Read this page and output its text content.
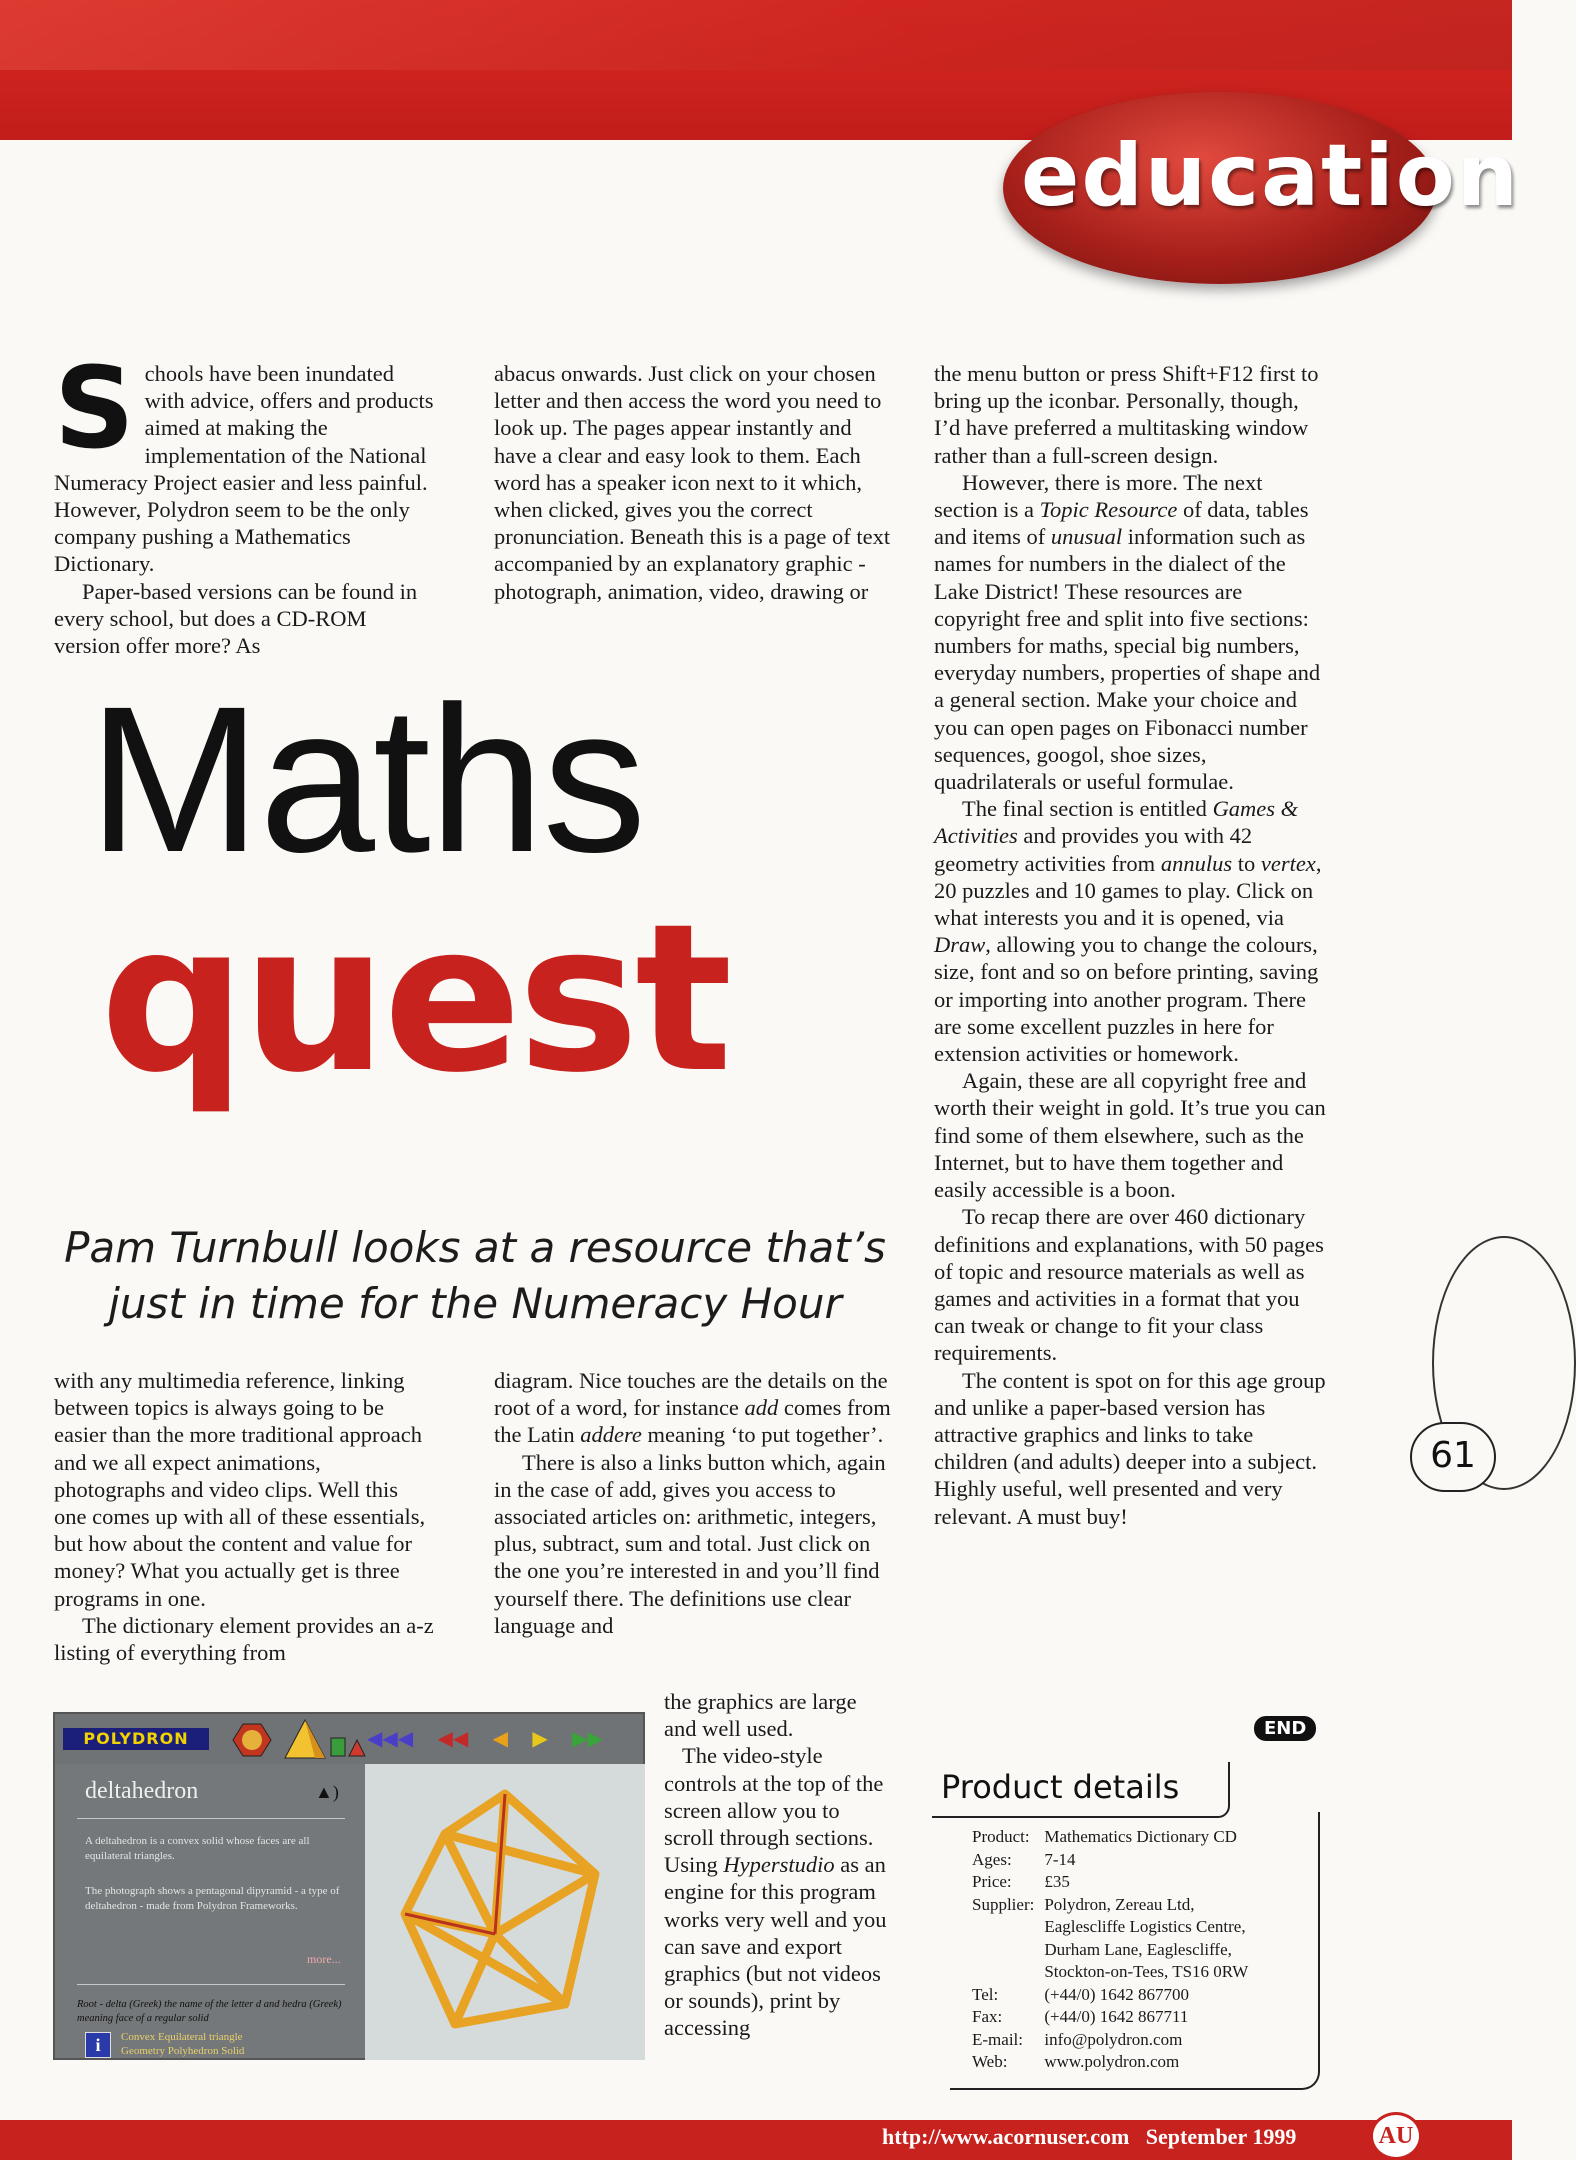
education

Schools have been inundated with advice, offers and products aimed at making the implementation of the National Numeracy Project easier and less painful. However, Polydron seem to be the only company pushing a Mathematics Dictionary.

Paper-based versions can be found in every school, but does a CD-ROM version offer more? As

abacus onwards. Just click on your chosen letter and then access the word you need to look up. The pages appear instantly and have a clear and easy look to them. Each word has a speaker icon next to it which, when clicked, gives you the correct pronunciation. Beneath this is a page of text accompanied by an explanatory graphic - photograph, animation, video, drawing or

Maths
quest
Pam Turnbull looks at a resource that’s just in time for the Numeracy Hour

with any multimedia reference, linking between topics is always going to be easier than the more traditional approach and we all expect animations, photographs and video clips. Well this one comes up with all of these essentials, but how about the content and value for money? What you actually get is three programs in one.

The dictionary element provides an a-z listing of everything from

diagram. Nice touches are the details on the root of a word, for instance add comes from the Latin addere meaning ‘to put together’.

There is also a links button which, again in the case of add, gives you access to associated articles on: arithmetic, integers, plus, subtract, sum and total. Just click on the one you’re interested in and you’ll find yourself there. The definitions use clear language and

the graphics are large and well used.

The video-style controls at the top of the screen allow you to scroll through sections. Using Hyperstudio as an engine for this program works very well and you can save and export graphics (but not videos or sounds), print by accessing

the menu button or press Shift+F12 first to bring up the iconbar. Personally, though, I’d have preferred a multitasking window rather than a full-screen design.

However, there is more. The next section is a Topic Resource of data, tables and items of unusual information such as names for numbers in the dialect of the Lake District! These resources are copyright free and split into five sections: numbers for maths, special big numbers, everyday numbers, properties of shape and a general section. Make your choice and you can open pages on Fibonacci number sequences, googol, shoe sizes, quadrilaterals or useful formulae.

The final section is entitled Games & Activities and provides you with 42 geometry activities from annulus to vertex, 20 puzzles and 10 games to play. Click on what interests you and it is opened, via Draw, allowing you to change the colours, size, font and so on before printing, saving or importing into another program. There are some excellent puzzles in here for extension activities or homework.

Again, these are all copyright free and worth their weight in gold. It’s true you can find some of them elsewhere, such as the Internet, but to have them together and easily accessible is a boon.

To recap there are over 460 dictionary definitions and explanations, with 50 pages of topic and resource materials as well as games and activities in a format that you can tweak or change to fit your class requirements.

The content is spot on for this age group and unlike a paper-based version has attractive graphics and links to take children (and adults) deeper into a subject. Highly useful, well presented and very relevant. A must buy!

END
Product details
Product:	Mathematics Dictionary CD
Ages:	7-14
Price:	£35
Supplier:	Polydron, Zereau Ltd,
	Eaglescliffe Logistics Centre,
	Durham Lane, Eaglescliffe,
	Stockton-on-Tees, TS16 0RW
Tel:	(+44/0) 1642 867700
Fax:	(+44/0) 1642 867711
E-mail:	info@polydron.com
Web:	www.polydron.com
61
POLYDRON	◀◀◀ ◀◀ ◀ ▶ ▶▶
deltahedron	▲)
A deltahedron is a convex solid whose faces are all equilateral triangles.
The photograph shows a pentagonal dipyramid - a type of deltahedron - made from Polydron Frameworks.
more...
Root - delta (Greek) the name of the letter d and hedra (Greek) meaning face of a regular solid
i	Convex Equilateral triangle
Geometry Polyhedron Solid
http://www.acornuser.com September 1999	AU
